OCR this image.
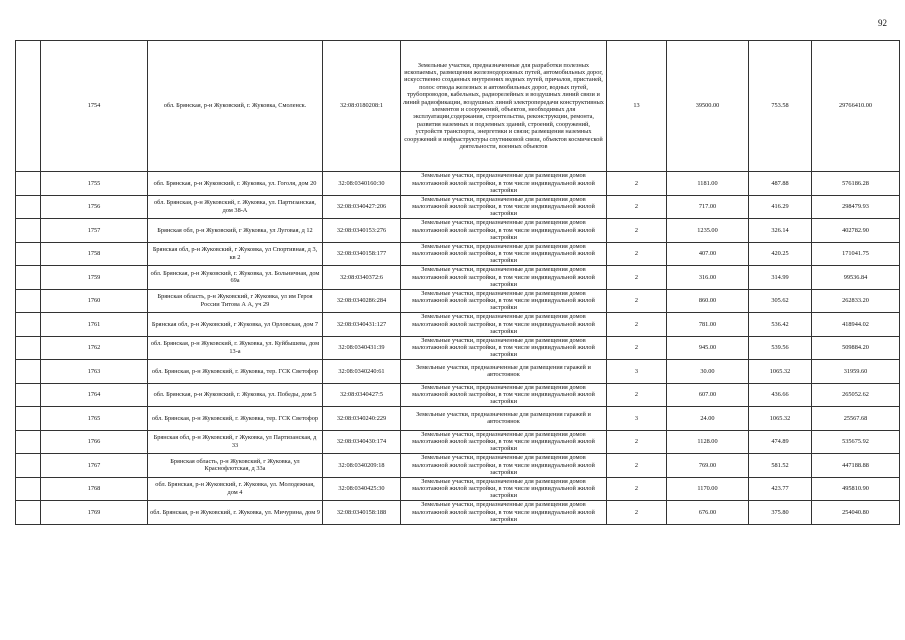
92
	1754	обл. Брянская, р-н Жуковский, г. Жуковка, Смоленск.	32:08:0180208:1	Земельные участки, предназначенные для разработки полезных ископаемых, размещения железнодорожных путей, автомобильных дорог, искусственно созданных внутренних водных путей, причалов, пристаней, полос отвода железных и автомобильных дорог, водных путей, трубопроводов, кабельных, радиорелейных и воздушных линий связи и линий радиофикации, воздушных линий электропередачи конструктивных элементов и сооружений, объектов, необходимых для эксплуатации,содержания, строительства, реконструкции, ремонта, развития наземных и подземных зданий, строений, сооружений, устройств транспорта, энергетики и связи; размещения наземных сооружений и инфраструктуры спутниковой связи, объектов космической деятельности, военных объектов	13	39500.00	753.58	29766410.00
	1755	обл. Брянская, р-н Жуковский, г. Жуковка, ул. Гоголя, дом 20	32:08:0340160:30	Земельные участки, предназначенные для размещения домов малоэтажной жилой застройки, в том числе индивидуальной жилой застройки	2	1181.00	487.88	576186.28
	1756	обл. Брянская, р-н Жуковский, г. Жуковка, ул. Партизанская, дом 38-А	32:08:0340427:206	Земельные участки, предназначенные для размещения домов малоэтажной жилой застройки, в том числе индивидуальной жилой застройки	2	717.00	416.29	298479.93
	1757	Брянская обл, р-н Жуковский, г Жуковка, ул Луговая, д 12	32:08:0340153:276	Земельные участки, предназначенные для размещения домов малоэтажной жилой застройки, в том числе индивидуальной жилой застройки	2	1235.00	326.14	402782.90
	1758	Брянская обл, р-н Жуковский, г Жуковка, ул Спортивная, д 3, кв 2	32:08:0340158:177	Земельные участки, предназначенные для размещения домов малоэтажной жилой застройки, в том числе индивидуальной жилой застройки	2	407.00	420.25	171041.75
	1759	обл. Брянская, р-н Жуковский, г. Жуковка, ул. Больничная, дом 69а	32:08:0340372:6	Земельные участки, предназначенные для размещения домов малоэтажной жилой застройки, в том числе индивидуальной жилой застройки	2	316.00	314.99	99536.84
	1760	Брянская область, р-н Жуковский, г Жуковка, ул им Героя России Титова А А, уч 29	32:08:0340286:284	Земельные участки, предназначенные для размещения домов малоэтажной жилой застройки, в том числе индивидуальной жилой застройки	2	860.00	305.62	262833.20
	1761	Брянская обл, р-н Жуковский, г Жуковка, ул Орловская, дом 7	32:08:0340431:127	Земельные участки, предназначенные для размещения домов малоэтажной жилой застройки, в том числе индивидуальной жилой застройки	2	781.00	536.42	418944.02
	1762	обл. Брянская, р-н Жуковский, г. Жуковка, ул. Куйбышева, дом 13-а	32:08:0340431:39	Земельные участки, предназначенные для размещения домов малоэтажной жилой застройки, в том числе индивидуальной жилой застройки	2	945.00	539.56	509884.20
	1763	обл. Брянская, р-н Жуковский, г. Жуковка, тер. ГСК Светофор	32:08:0340240:61	Земельные участки, предназначенные для размещения гаражей и автостоянок	3	30.00	1065.32	31959.60
	1764	обл. Брянская, р-н Жуковский, г. Жуковка, ул. Победы, дом 5	32:08:0340427:5	Земельные участки, предназначенные для размещения домов малоэтажной жилой застройки, в том числе индивидуальной жилой застройки	2	607.00	436.66	265052.62
	1765	обл. Брянская, р-н Жуковский, г. Жуковка, тер. ГСК Светофор	32:08:0340240:229	Земельные участки, предназначенные для размещения гаражей и автостоянок	3	24.00	1065.32	25567.68
	1766	Брянская обл, р-н Жуковский, г Жуковка, ул Партизанская, д 33	32:08:0340430:174	Земельные участки, предназначенные для размещения домов малоэтажной жилой застройки, в том числе индивидуальной жилой застройки	2	1128.00	474.89	535675.92
	1767	Брянская область, р-н Жуковский, г Жуковка, ул Краснофлотская, д 33а	32:08:0340209:18	Земельные участки, предназначенные для размещения домов малоэтажной жилой застройки, в том числе индивидуальной жилой застройки	2	769.00	581.52	447188.88
	1768	обл. Брянская, р-н Жуковский, г. Жуковка, ул. Молодежная, дом 4	32:08:0340425:30	Земельные участки, предназначенные для размещения домов малоэтажной жилой застройки, в том числе индивидуальной жилой застройки	2	1170.00	423.77	495810.90
	1769	обл. Брянская, р-н Жуковский, г. Жуковка, ул. Мичурина, дом 9	32:08:0340158:188	Земельные участки, предназначенные для размещения домов малоэтажной жилой застройки, в том числе индивидуальной жилой застройки	2	676.00	375.80	254040.80
